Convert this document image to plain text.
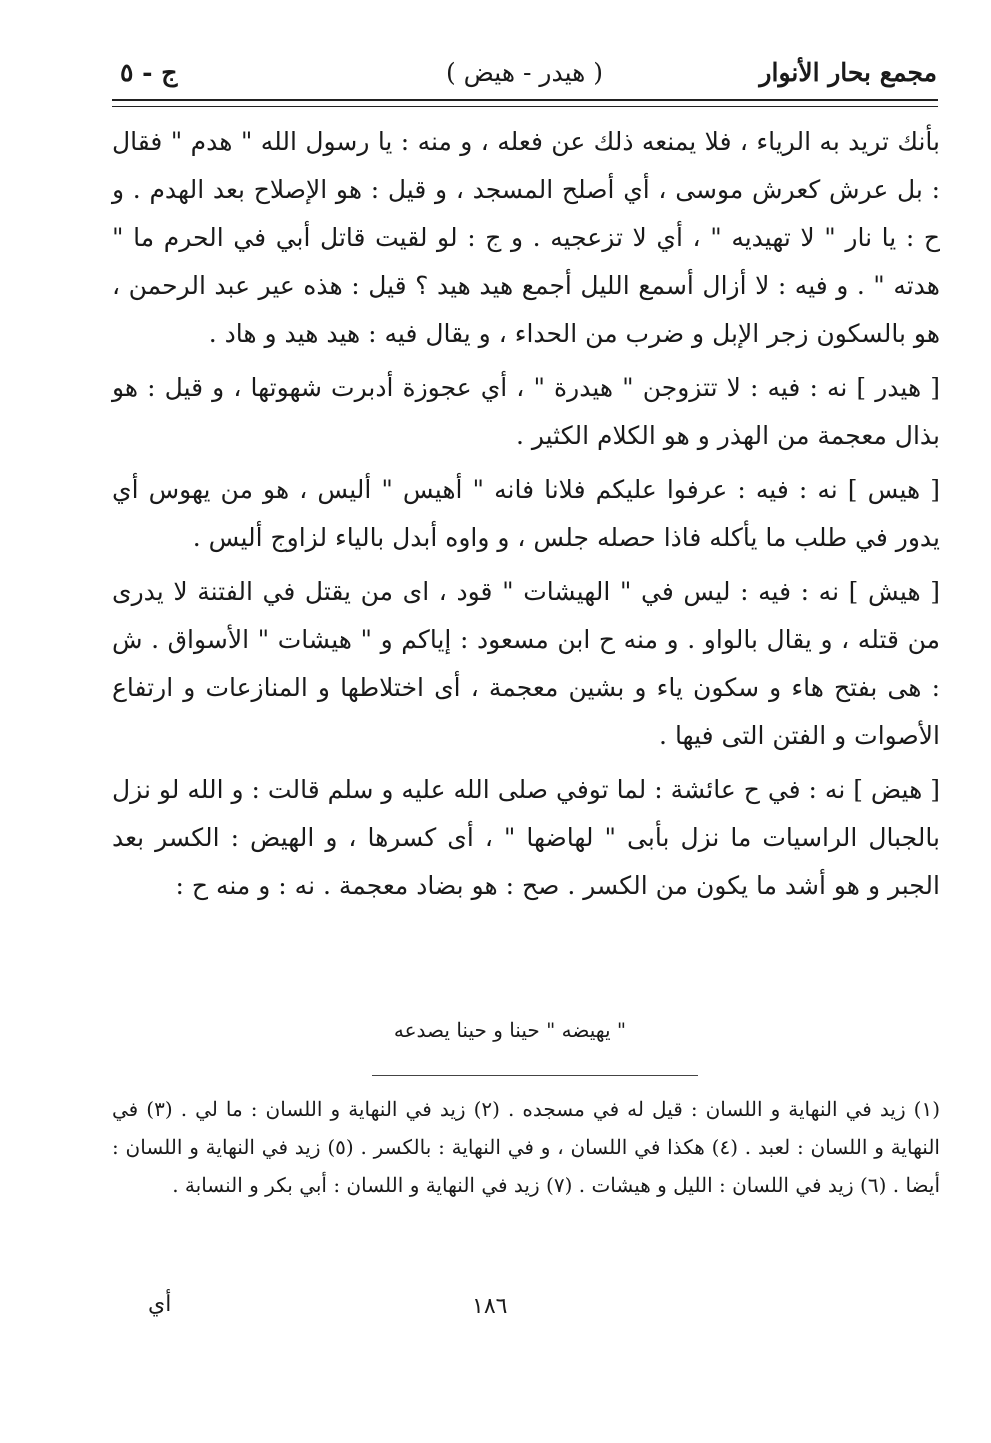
مجمع بحار الأنوار
( هيدر - هيض )
ج - ٥

بأنك تريد به الرياء ، فلا يمنعه ذلك عن فعله ، و منه : يا رسول الله " هدم " فقال : بل عرش كعرش موسى ، أي أصلح المسجد ، و قيل : هو الإصلاح بعد الهدم . و ح : يا نار " لا تهيديه " ، أي لا تزعجيه . و ج : لو لقيت قاتل أبي في الحرم ما " هدته " . و فيه : لا أزال أسمع الليل أجمع هيد هيد ؟ قيل : هذه عير عبد الرحمن ، هو بالسكون زجر الإبل و ضرب من الحداء ، و يقال فيه : هيد هيد و هاد .

[ هيدر ] نه : فيه : لا تتزوجن " هيدرة " ، أي عجوزة أدبرت شهوتها ، و قيل : هو بذال معجمة من الهذر و هو الكلام الكثير .

[ هيس ] نه : فيه : عرفوا عليكم فلانا فانه " أهيس " أليس ، هو من يهوس أي يدور في طلب ما يأكله فاذا حصله جلس ، و واوه أبدل بالياء لزاوج أليس .

[ هيش ] نه : فيه : ليس في " الهيشات " قود ، اى من يقتل في الفتنة لا يدرى من قتله ، و يقال بالواو . و منه ح ابن مسعود : إياكم و " هيشات " الأسواق . ش : هى بفتح هاء و سكون ياء و بشين معجمة ، أى اختلاطها و المنازعات و ارتفاع الأصوات و الفتن التى فيها .

[ هيض ] نه : في ح عائشة : لما توفي صلى الله عليه و سلم قالت : و الله لو نزل بالجبال الراسيات ما نزل بأبى " لهاضها " ، أى كسرها ، و الهيض : الكسر بعد الجبر و هو أشد ما يكون من الكسر . صح : هو بضاد معجمة . نه : و منه ح :

" يهيضه " حينا و حينا يصدعه

(١) زيد في النهاية و اللسان : قيل له في مسجده . (٢) زيد في النهاية و اللسان : ما لي . (٣) في النهاية و اللسان : لعبد . (٤) هكذا في اللسان ، و في النهاية : بالكسر . (٥) زيد في النهاية و اللسان : أيضا . (٦) زيد في اللسان : الليل و هيشات . (٧) زيد في النهاية و اللسان : أبي بكر و النسابة .

أي	١٨٦
